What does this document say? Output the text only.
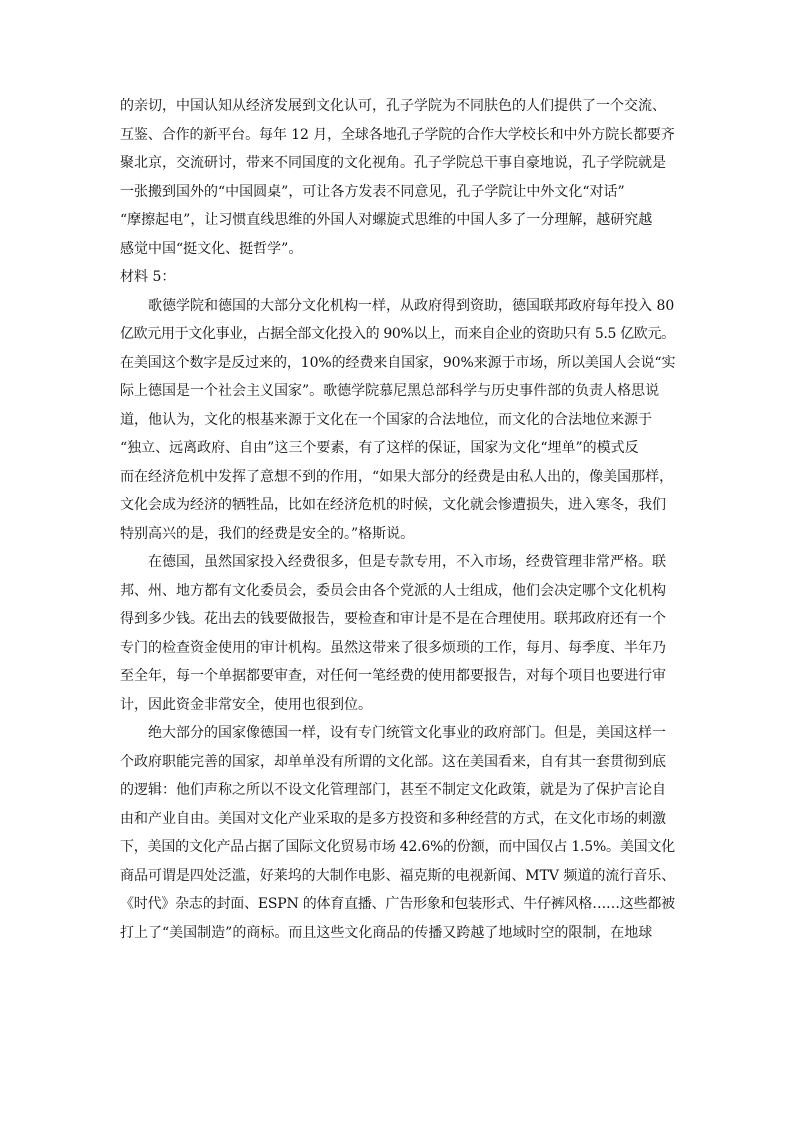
的亲切，中国认知从经济发展到文化认可，孔子学院为不同肤色的人们提供了一个交流、
互鉴、合作的新平台。每年 12 月，全球各地孔子学院的合作大学校长和中外方院长都要齐
聚北京，交流研讨，带来不同国度的文化视角。孔子学院总干事自豪地说，孔子学院就是
一张搬到国外的“中国圆桌”，可让各方发表不同意见，孔子学院让中外文化“对话”
“摩擦起电”，让习惯直线思维的外国人对螺旋式思维的中国人多了一分理解，越研究越
感觉中国“挺文化、挺哲学”。
材料 5：
歌德学院和德国的大部分文化机构一样，从政府得到资助，德国联邦政府每年投入 80
亿欧元用于文化事业，占据全部文化投入的 90%以上，而来自企业的资助只有 5.5 亿欧元。
在美国这个数字是反过来的，10%的经费来自国家，90%来源于市场，所以美国人会说“实
际上德国是一个社会主义国家”。歌德学院慕尼黑总部科学与历史事件部的负责人格思说
道，他认为，文化的根基来源于文化在一个国家的合法地位，而文化的合法地位来源于
“独立、远离政府、自由”这三个要素，有了这样的保证，国家为文化“埋单”的模式反
而在经济危机中发挥了意想不到的作用，“如果大部分的经费是由私人出的，像美国那样，
文化会成为经济的牺牲品，比如在经济危机的时候，文化就会惨遭损失，进入寒冬，我们
特别高兴的是，我们的经费是安全的。”格斯说。
在德国，虽然国家投入经费很多，但是专款专用，不入市场，经费管理非常严格。联
邦、州、地方都有文化委员会，委员会由各个党派的人士组成，他们会决定哪个文化机构
得到多少钱。花出去的钱要做报告，要检查和审计是不是在合理使用。联邦政府还有一个
专门的检查资金使用的审计机构。虽然这带来了很多烦琐的工作，每月、每季度、半年乃
至全年，每一个单据都要审查，对任何一笔经费的使用都要报告，对每个项目也要进行审
计，因此资金非常安全，使用也很到位。
绝大部分的国家像德国一样，设有专门统管文化事业的政府部门。但是，美国这样一
个政府职能完善的国家，却单单没有所谓的文化部。这在美国看来，自有其一套贯彻到底
的逻辑：他们声称之所以不设文化管理部门，甚至不制定文化政策，就是为了保护言论自
由和产业自由。美国对文化产业采取的是多方投资和多种经营的方式，在文化市场的刺激
下，美国的文化产品占据了国际文化贸易市场 42.6%的份额，而中国仅占 1.5%。美国文化
商品可谓是四处泛滥，好莱坞的大制作电影、福克斯的电视新闻、MTV 频道的流行音乐、
《时代》杂志的封面、ESPN 的体育直播、广告形象和包装形式、牛仔裤风格……这些都被
打上了“美国制造”的商标。而且这些文化商品的传播又跨越了地域时空的限制，在地球
